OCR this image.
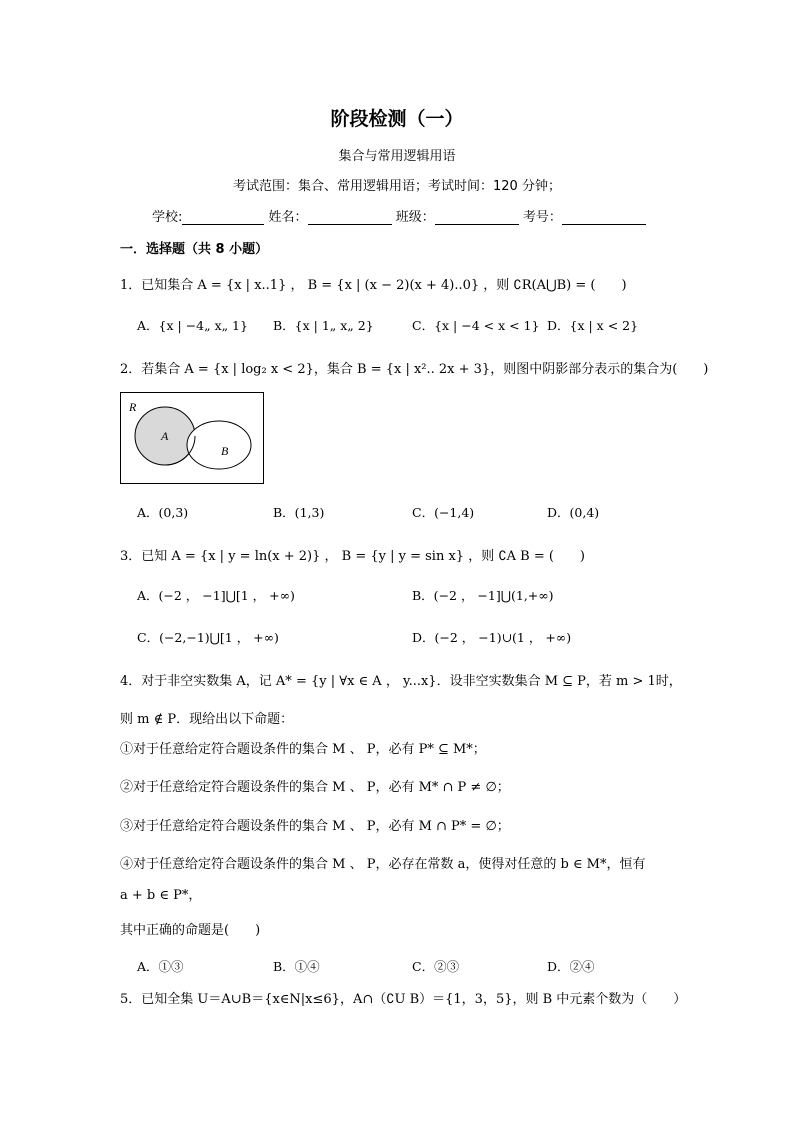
阶段检测（一）
集合与常用逻辑用语
考试范围：集合、常用逻辑用语；考试时间：120 分钟；
学校:	姓名：	班级：	考号：
一．选择题（共 8 小题）
1．已知集合 A = {x | x..1} ， B = {x | (x − 2)(x + 4)..0} ，则 ∁R(A⋃B) = (　　)
A．{x | −4„ x„ 1} B．{x | 1„ x„ 2}	C．{x | −4 < x < 1} D．{x | x < 2}
2．若集合 A = {x | log₂ x < 2}，集合 B = {x | x².. 2x + 3}，则图中阴影部分表示的集合为(　　)
R
A
B
A．(0,3)	B．(1,3)	C．(−1,4)	D．(0,4)
3．已知 A = {x | y = ln(x + 2)} ， B = {y | y = sin x} ，则 ∁A B = (　　)
A．(−2 ， −1]⋃[1 ， +∞)	B．(−2 ， −1]⋃(1,+∞)
C．(−2,−1)⋃[1 ， +∞)	D．(−2 ， −1)∪(1 ， +∞)
4．对于非空实数集 A，记 A* = {y | ∀x ∈ A ， y...x}．设非空实数集合 M ⊆ P，若 m > 1时，
则 m ∉ P．现给出以下命题：
①对于任意给定符合题设条件的集合 M 、 P，必有 P* ⊆ M*；
②对于任意给定符合题设条件的集合 M 、 P，必有 M* ∩ P ≠ ∅；
③对于任意给定符合题设条件的集合 M 、 P，必有 M ∩ P* = ∅；
④对于任意给定符合题设条件的集合 M 、 P，必存在常数 a，使得对任意的 b ∈ M*，恒有
a + b ∈ P*，
其中正确的命题是(　　)
A．①③	B．①④	C．②③	D．②④
5．已知全集 U＝A∪B＝{x∈N|x≤6}，A∩（∁U B）＝{1，3，5}，则 B 中元素个数为（　　）
